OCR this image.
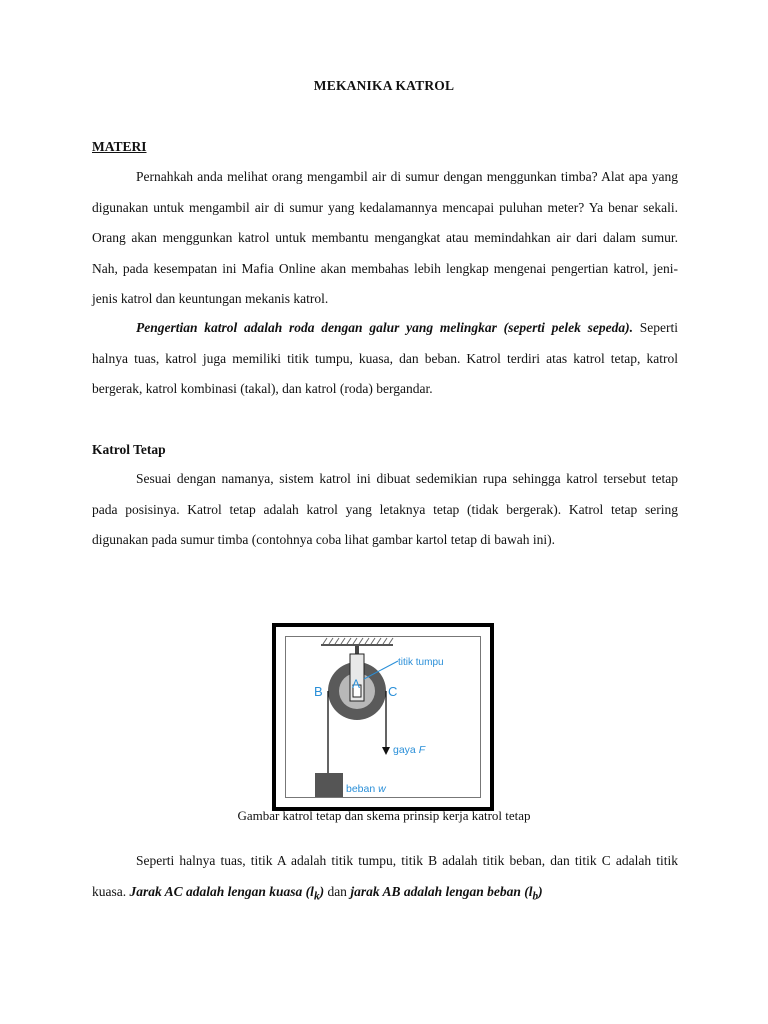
MEKANIKA KATROL
MATERI

Pernahkah anda melihat orang mengambil air di sumur dengan menggunkan timba? Alat apa yang digunakan untuk mengambil air di sumur yang kedalamannya mencapai puluhan meter? Ya benar sekali. Orang akan menggunkan katrol untuk membantu mengangkat atau memindahkan air dari dalam sumur. Nah, pada kesempatan ini Mafia Online akan membahas lebih lengkap mengenai pengertian katrol, jeni-jenis katrol dan keuntungan mekanis katrol.

Pengertian katrol adalah roda dengan galur yang melingkar (seperti pelek sepeda). Seperti halnya tuas, katrol juga memiliki titik tumpu, kuasa, dan beban. Katrol terdiri atas katrol tetap, katrol bergerak, katrol kombinasi (takal), dan katrol (roda) bergandar.

Katrol Tetap

Sesuai dengan namanya, sistem katrol ini dibuat sedemikian rupa sehingga katrol tersebut tetap pada posisinya. Katrol tetap adalah katrol yang letaknya tetap (tidak bergerak). Katrol tetap sering digunakan pada sumur timba (contohnya coba lihat gambar kartol tetap di bawah ini).

titik tumpu
A
B	C
gaya F
beban w
Gambar katrol tetap dan skema prinsip kerja katrol tetap

Seperti halnya tuas, titik A adalah titik tumpu, titik B adalah titik beban, dan titik C adalah titik kuasa. Jarak AC adalah lengan kuasa $(l_k)$ dan jarak AB adalah lengan beban $(l_b)$
